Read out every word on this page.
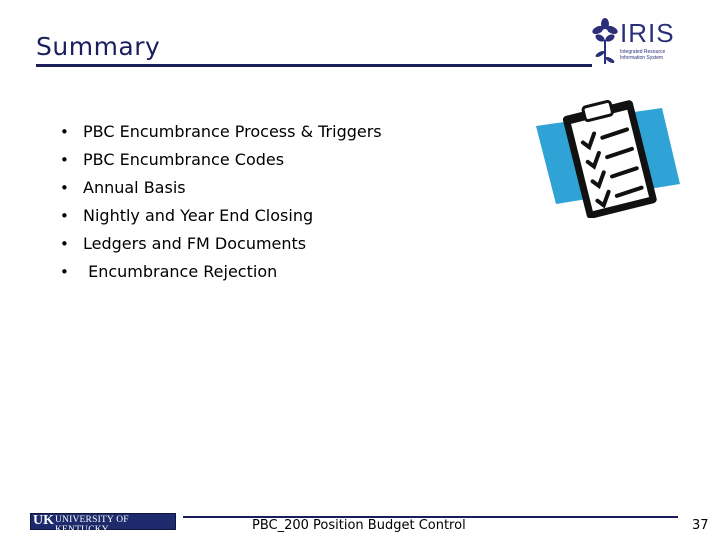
Summary	IRIS
Integrated Resource Information System
• PBC Encumbrance Process & Triggers
• PBC Encumbrance Codes
• Annual Basis
• Nightly and Year End Closing
• Ledgers and FM Documents
• Encumbrance Rejection
UK UNIVERSITY OF KENTUCKY	PBC_200 Position Budget Control	37
